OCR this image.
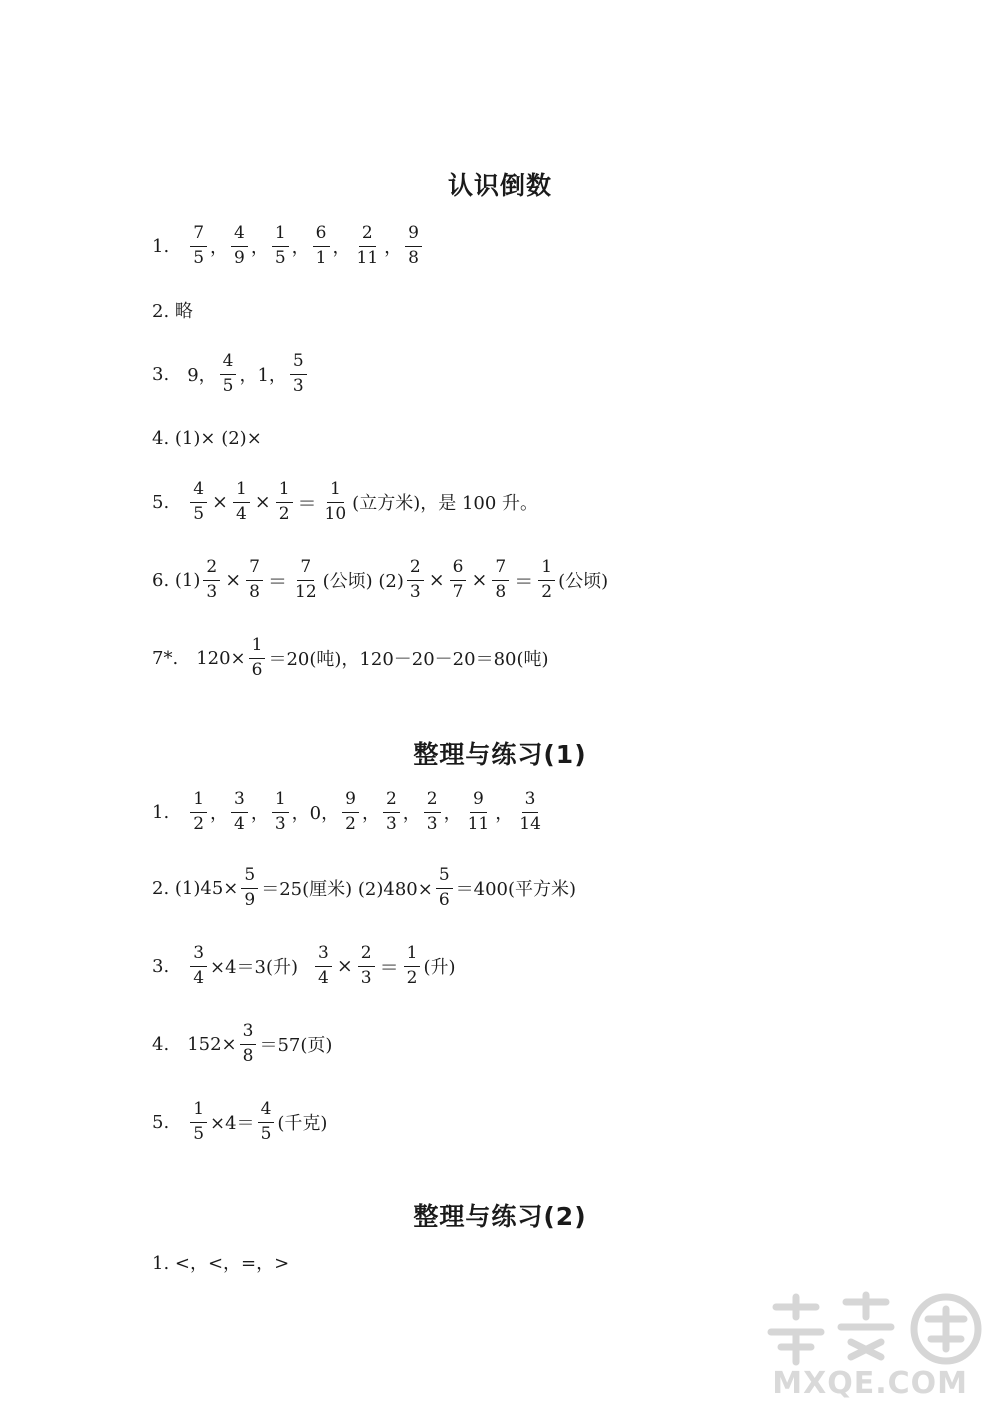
认识倒数
1. $\frac{7}{5}$ ， $\frac{4}{9}$ ， $\frac{1}{5}$ ， $\frac{6}{1}$ ， $\frac{2}{11}$ ， $\frac{9}{8}$
2. 略
3. 9， $\frac{4}{5}$ ，1， $\frac{5}{3}$
4. (1)× (2)×
5. $\frac{4}{5} \times \frac{1}{4} \times \frac{1}{2} = \frac{1}{10}$ (立方米)，是 100 升。
6. $(1) \frac{2}{3} \times \frac{7}{8} = \frac{7}{12}$ (公顷) $(2) \frac{2}{3} \times \frac{6}{7} \times \frac{7}{8} = \frac{1}{2}$ (公顷)
7*. $120\times \frac{1}{6} =20$(吨)，120－20－20＝80(吨)
整理与练习(1)
1. $\frac{1}{2}$ ， $\frac{3}{4}$ ， $\frac{1}{3}$ ， 0， $\frac{9}{2}$ ， $\frac{2}{3}$ ， $\frac{2}{3}$ ， $\frac{9}{11}$ ， $\frac{3}{14}$
2. $(1)45\times \frac{5}{9} =25$(厘米) $(2)480\times \frac{5}{6} =400$(平方米)
3. $\frac{3}{4} \times 4=3$(升) $\frac{3}{4} \times \frac{2}{3} = \frac{1}{2}$ (升)
4. $152\times \frac{3}{8} =57$(页)
5. $\frac{1}{5} \times 4= \frac{4}{5}$ (千克)
整理与练习(2)
1. <，<，=，>
MXQE.COM
